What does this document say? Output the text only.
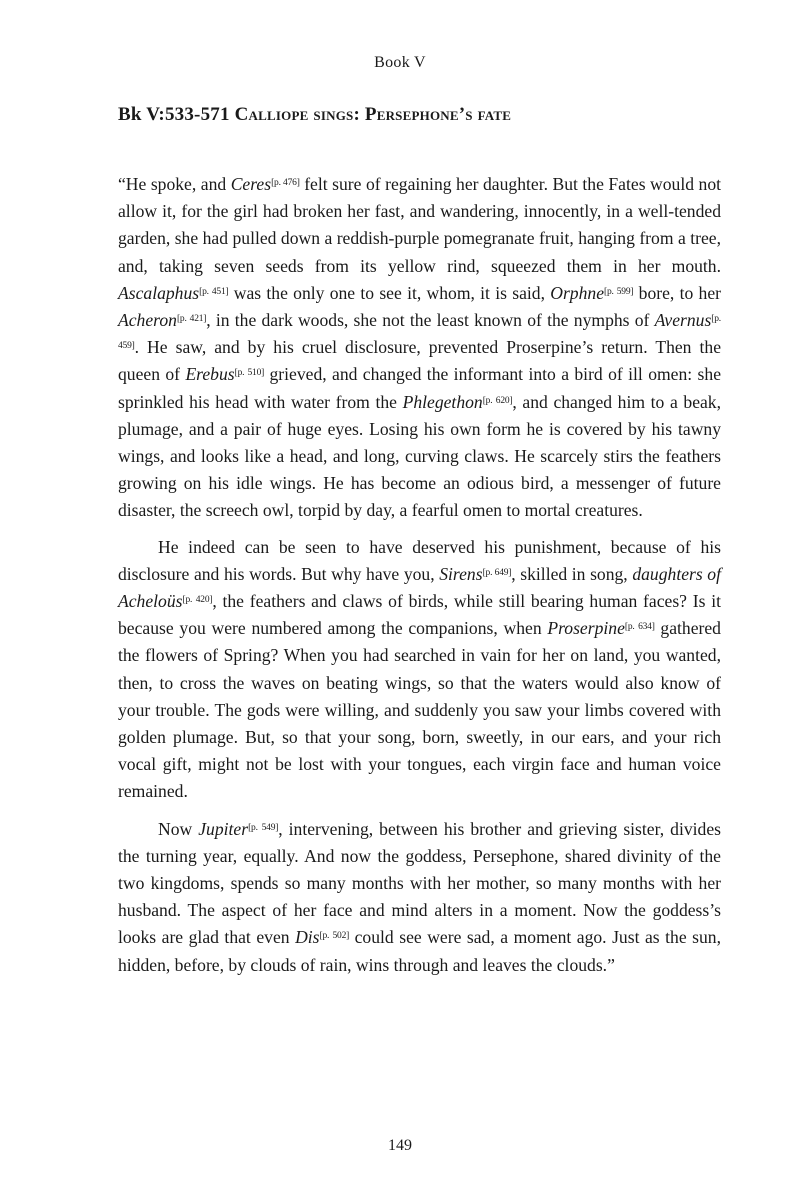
Book V
Bk V:533-571 Calliope sings: Persephone’s fate

“He spoke, and Ceres[p. 476] felt sure of regaining her daughter. But the Fates would not allow it, for the girl had broken her fast, and wandering, innocently, in a well-tended garden, she had pulled down a reddish-purple pomegranate fruit, hanging from a tree, and, taking seven seeds from its yellow rind, squeezed them in her mouth. Ascalaphus[p. 451] was the only one to see it, whom, it is said, Orphne[p. 599] bore, to her Acheron[p. 421], in the dark woods, she not the least known of the nymphs of Avernus[p. 459]. He saw, and by his cruel disclosure, prevented Proserpine’s return. Then the queen of Erebus[p. 510] grieved, and changed the informant into a bird of ill omen: she sprinkled his head with water from the Phlegethon[p. 620], and changed him to a beak, plumage, and a pair of huge eyes. Losing his own form he is covered by his tawny wings, and looks like a head, and long, curving claws. He scarcely stirs the feathers growing on his idle wings. He has become an odious bird, a messenger of future disaster, the screech owl, torpid by day, a fearful omen to mortal creatures.

He indeed can be seen to have deserved his punishment, because of his disclosure and his words. But why have you, Sirens[p. 649], skilled in song, daughters of Acheloüs[p. 420], the feathers and claws of birds, while still bearing human faces? Is it because you were numbered among the companions, when Proserpine[p. 634] gathered the flowers of Spring? When you had searched in vain for her on land, you wanted, then, to cross the waves on beating wings, so that the waters would also know of your trouble. The gods were willing, and suddenly you saw your limbs covered with golden plumage. But, so that your song, born, sweetly, in our ears, and your rich vocal gift, might not be lost with your tongues, each virgin face and human voice remained.

Now Jupiter[p. 549], intervening, between his brother and grieving sister, divides the turning year, equally. And now the goddess, Persephone, shared divinity of the two kingdoms, spends so many months with her mother, so many months with her husband. The aspect of her face and mind alters in a moment. Now the goddess’s looks are glad that even Dis[p. 502] could see were sad, a moment ago. Just as the sun, hidden, before, by clouds of rain, wins through and leaves the clouds.”

149
